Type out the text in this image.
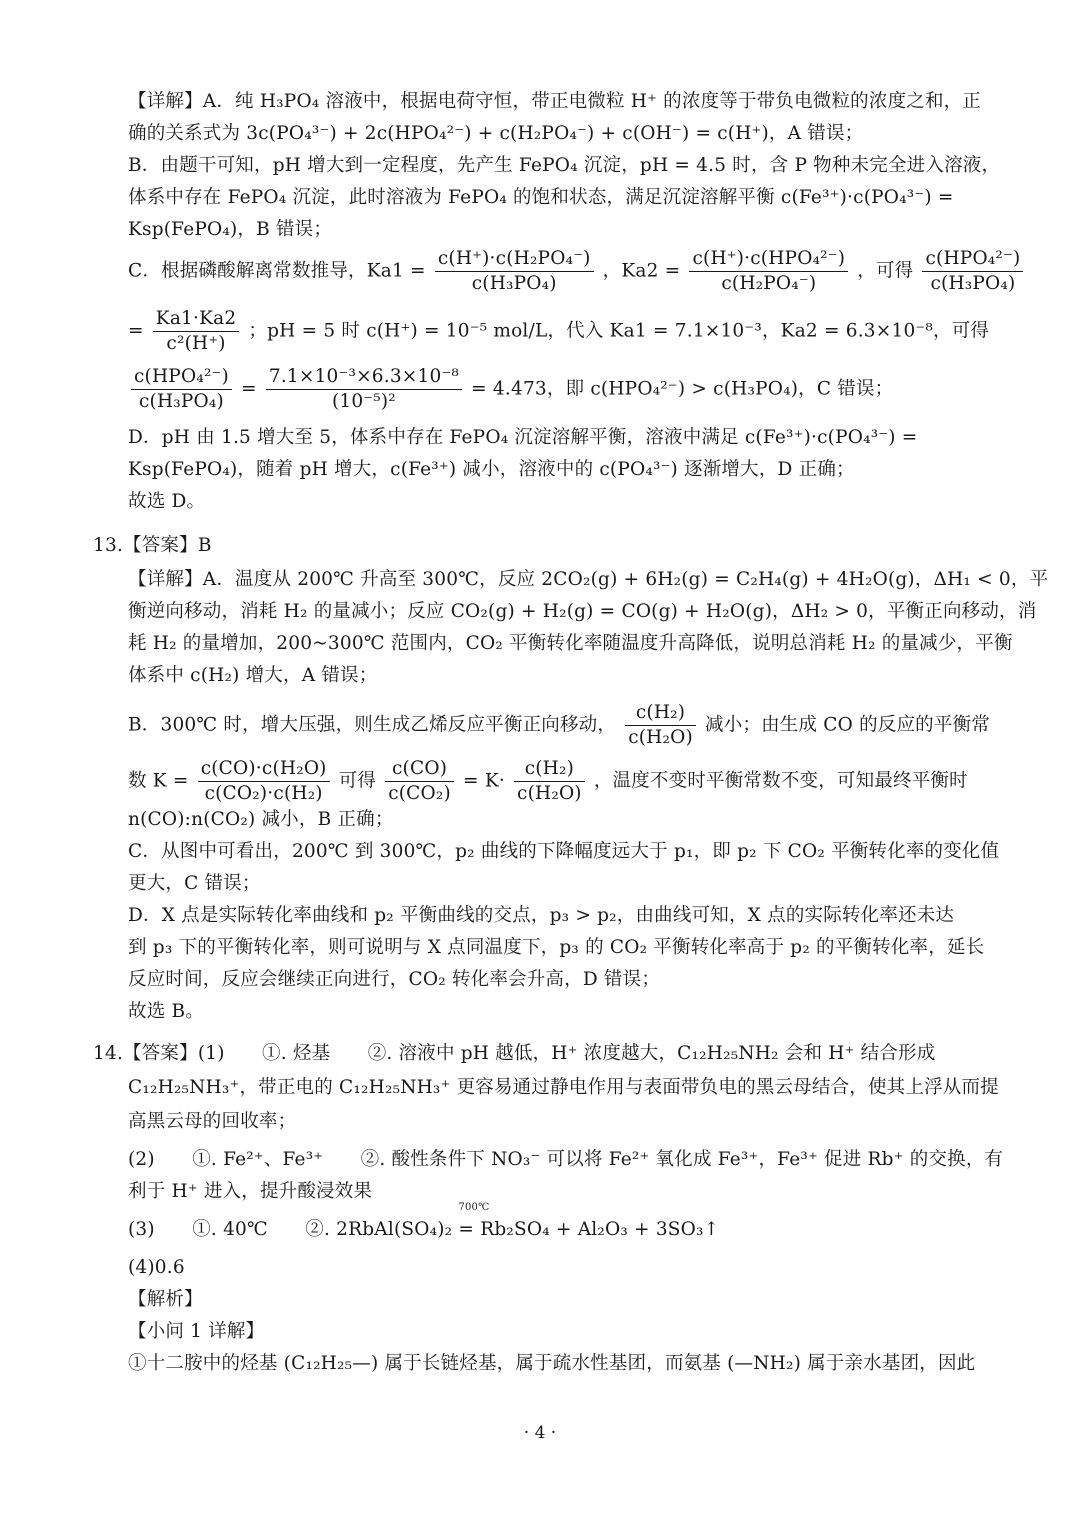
【详解】A．纯 H₃PO₄ 溶液中，根据电荷守恒，带正电微粒 H⁺ 的浓度等于带负电微粒的浓度之和，正
确的关系式为 3c(PO₄³⁻) + 2c(HPO₄²⁻) + c(H₂PO₄⁻) + c(OH⁻) = c(H⁺)，A 错误；
B．由题干可知，pH 增大到一定程度，先产生 FePO₄ 沉淀，pH = 4.5 时，含 P 物种未完全进入溶液，
体系中存在 FePO₄ 沉淀，此时溶液为 FePO₄ 的饱和状态，满足沉淀溶解平衡 c(Fe³⁺)·c(PO₄³⁻) =
Ksp(FePO₄)，B 错误；
C．根据磷酸解离常数推导，$Ka1 = \frac{\text{c(H⁺)·c(H₂PO₄⁻)}}{\text{c(H₃PO₄)}}$ ，$Ka2 = \frac{\text{c(H⁺)·c(HPO₄²⁻)}}{\text{c(H₂PO₄⁻)}}$ ，可得 $\frac{\text{c(HPO₄²⁻)}}{\text{c(H₃PO₄)}}$
= $\frac{Ka1\cdot Ka2}{\text{c²(H⁺)}}$ ；pH = 5 时 c(H⁺) = 10⁻⁵ mol/L，代入 Ka1 = 7.1×10⁻³，Ka2 = 6.3×10⁻⁸，可得
$\frac{\text{c(HPO₄²⁻)}}{\text{c(H₃PO₄)}} = \frac{\text{7.1×10⁻³×6.3×10⁻⁸}}{\text{(10⁻⁵)²}} = 4.473$，即 c(HPO₄²⁻) > c(H₃PO₄)，C 错误；
D．pH 由 1.5 增大至 5，体系中存在 FePO₄ 沉淀溶解平衡，溶液中满足 c(Fe³⁺)·c(PO₄³⁻) =
Ksp(FePO₄)，随着 pH 增大，c(Fe³⁺) 减小，溶液中的 c(PO₄³⁻) 逐渐增大，D 正确；
故选 D。
13.【答案】B
【详解】A．温度从 200℃ 升高至 300℃，反应 2CO₂(g) + 6H₂(g) = C₂H₄(g) + 4H₂O(g)，ΔH₁ < 0，平
衡逆向移动，消耗 H₂ 的量减小；反应 CO₂(g) + H₂(g) = CO(g) + H₂O(g)，ΔH₂ > 0，平衡正向移动，消
耗 H₂ 的量增加，200~300℃ 范围内，CO₂ 平衡转化率随温度升高降低，说明总消耗 H₂ 的量减少，平衡
体系中 c(H₂) 增大，A 错误；
B．300℃ 时，增大压强，则生成乙烯反应平衡正向移动， $\frac{\text{c(H₂)}}{\text{c(H₂O)}}$ 减小；由生成 CO 的反应的平衡常
数 $K = \frac{\text{c(CO)·c(H₂O)}}{\text{c(CO₂)·c(H₂)}}$ 可得 $\frac{c(CO)}{\text{c(CO₂)}} = K\cdot \frac{\text{c(H₂)}}{\text{c(H₂O)}}$ ，温度不变时平衡常数不变，可知最终平衡时
n(CO):n(CO₂) 减小，B 正确；
C．从图中可看出，200℃ 到 300℃，p₂ 曲线的下降幅度远大于 p₁，即 p₂ 下 CO₂ 平衡转化率的变化值
更大，C 错误；
D．X 点是实际转化率曲线和 p₂ 平衡曲线的交点，p₃ > p₂，由曲线可知，X 点的实际转化率还未达
到 p₃ 下的平衡转化率，则可说明与 X 点同温度下，p₃ 的 CO₂ 平衡转化率高于 p₂ 的平衡转化率，延长
反应时间，反应会继续正向进行，CO₂ 转化率会升高，D 错误；
故选 B。
14.【答案】(1)　　①. 烃基　　②. 溶液中 pH 越低，H⁺ 浓度越大，C₁₂H₂₅NH₂ 会和 H⁺ 结合形成
C₁₂H₂₅NH₃⁺，带正电的 C₁₂H₂₅NH₃⁺ 更容易通过静电作用与表面带负电的黑云母结合，使其上浮从而提
高黑云母的回收率；
(2)　　①. Fe²⁺、Fe³⁺　　②. 酸性条件下 NO₃⁻ 可以将 Fe²⁺ 氧化成 Fe³⁺，Fe³⁺ 促进 Rb⁺ 的交换，有
利于 H⁺ 进入，提升酸浸效果
(3)　　①. 40℃　　②. 2RbAl(SO₄)₂
700℃
= Rb₂SO₄ + Al₂O₃ + 3SO₃↑
(4)0.6
【解析】
【小问 1 详解】
①十二胺中的烃基 (C₁₂H₂₅—) 属于长链烃基，属于疏水性基团，而氨基 (—NH₂) 属于亲水基团，因此
· 4 ·
